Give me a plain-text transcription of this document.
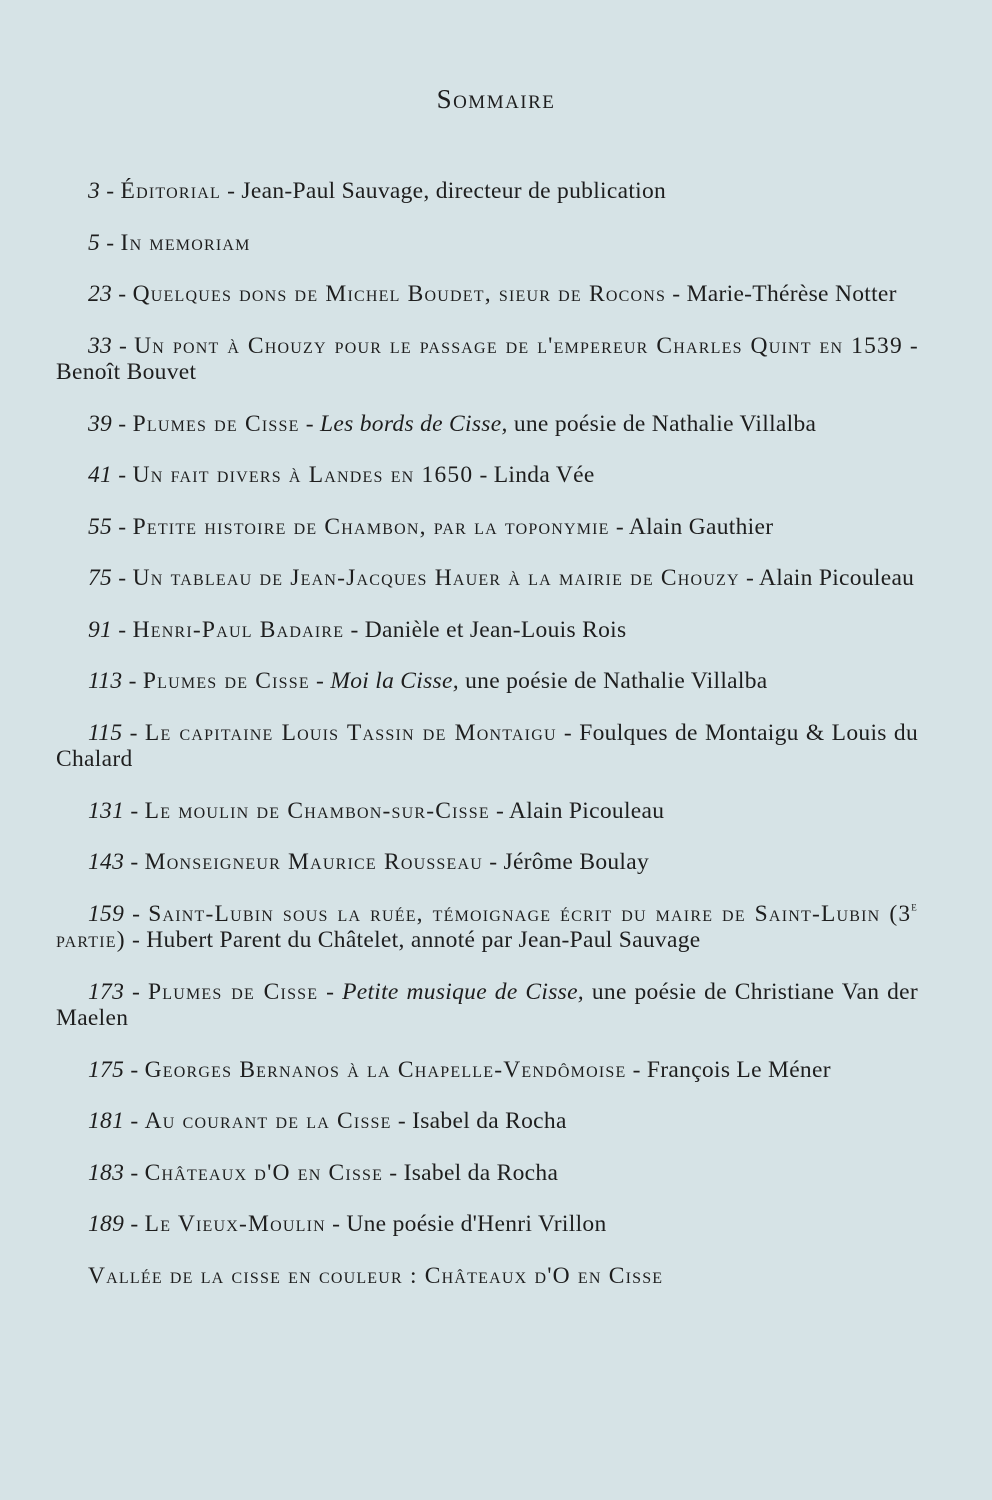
Sommaire

3 - Éditorial - Jean-Paul Sauvage, directeur de publication

5 - In memoriam

23 - Quelques dons de Michel Boudet, sieur de Rocons - Marie-Thérèse Notter

33 - Un pont à Chouzy pour le passage de l'empereur Charles Quint en 1539 - Benoît Bouvet

39 - Plumes de Cisse - Les bords de Cisse, une poésie de Nathalie Villalba

41 - Un fait divers à Landes en 1650 - Linda Vée

55 - Petite histoire de Chambon, par la toponymie - Alain Gauthier

75 - Un tableau de Jean-Jacques Hauer à la mairie de Chouzy - Alain Picouleau

91 - Henri-Paul Badaire - Danièle et Jean-Louis Rois

113 - Plumes de Cisse - Moi la Cisse, une poésie de Nathalie Villalba

115 - Le capitaine Louis Tassin de Montaigu - Foulques de Montaigu & Louis du Chalard

131 - Le moulin de Chambon-sur-Cisse - Alain Picouleau

143 - Monseigneur Maurice Rousseau - Jérôme Boulay

159 - Saint-Lubin sous la ruée, témoignage écrit du maire de Saint-Lubin (3e partie) - Hubert Parent du Châtelet, annoté par Jean-Paul Sauvage

173 - Plumes de Cisse - Petite musique de Cisse, une poésie de Christiane Van der Maelen

175 - Georges Bernanos à la Chapelle-Vendômoise - François Le Méner

181 - Au courant de la Cisse - Isabel da Rocha

183 - Châteaux d'O en Cisse - Isabel da Rocha

189 - Le Vieux-Moulin - Une poésie d'Henri Vrillon

Vallée de la cisse en couleur : Châteaux d'O en Cisse
